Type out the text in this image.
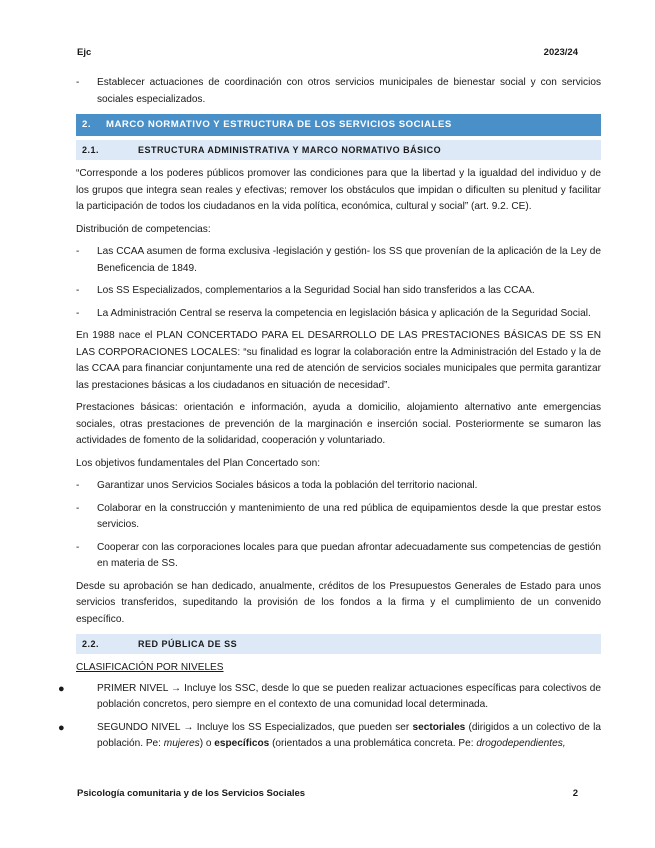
Ejc	2023/24
- Establecer actuaciones de coordinación con otros servicios municipales de bienestar social y con servicios sociales especializados.
2.	MARCO NORMATIVO Y ESTRUCTURA DE LOS SERVICIOS SOCIALES
2.1.	ESTRUCTURA ADMINISTRATIVA Y MARCO NORMATIVO BÁSICO

“Corresponde a los poderes públicos promover las condiciones para que la libertad y la igualdad del individuo y de los grupos que integra sean reales y efectivas; remover los obstáculos que impidan o dificulten su plenitud y facilitar la participación de todos los ciudadanos en la vida política, económica, cultural y social” (art. 9.2. CE).

Distribución de competencias:

- Las CCAA asumen de forma exclusiva -legislación y gestión- los SS que provenían de la aplicación de la Ley de Beneficencia de 1849.
- Los SS Especializados, complementarios a la Seguridad Social han sido transferidos a las CCAA.
- La Administración Central se reserva la competencia en legislación básica y aplicación de la Seguridad Social.

En 1988 nace el PLAN CONCERTADO PARA EL DESARROLLO DE LAS PRESTACIONES BÁSICAS DE SS EN LAS CORPORACIONES LOCALES: “su finalidad es lograr la colaboración entre la Administración del Estado y la de las CCAA para financiar conjuntamente una red de atención de servicios sociales municipales que permita garantizar las prestaciones básicas a los ciudadanos en situación de necesidad”.

Prestaciones básicas: orientación e información, ayuda a domicilio, alojamiento alternativo ante emergencias sociales, otras prestaciones de prevención de la marginación e inserción social. Posteriormente se sumaron las actividades de fomento de la solidaridad, cooperación y voluntariado.

Los objetivos fundamentales del Plan Concertado son:

- Garantizar unos Servicios Sociales básicos a toda la población del territorio nacional.
- Colaborar en la construcción y mantenimiento de una red pública de equipamientos desde la que prestar estos servicios.
- Cooperar con las corporaciones locales para que puedan afrontar adecuadamente sus competencias de gestión en materia de SS.

Desde su aprobación se han dedicado, anualmente, créditos de los Presupuestos Generales de Estado para unos servicios transferidos, supeditando la provisión de los fondos a la firma y el cumplimiento de un convenido específico.

2.2.	RED PÚBLICA DE SS

CLASIFICACIÓN POR NIVELES

●	PRIMER NIVEL → Incluye los SSC, desde lo que se pueden realizar actuaciones específicas para colectivos de población concretos, pero siempre en el contexto de una comunidad local determinada.
●	SEGUNDO NIVEL → Incluye los SS Especializados, que pueden ser sectoriales (dirigidos a un colectivo de la población. Pe: mujeres) o específicos (orientados a una problemática concreta. Pe: drogodependientes,
Psicología comunitaria y de los Servicios Sociales	2
